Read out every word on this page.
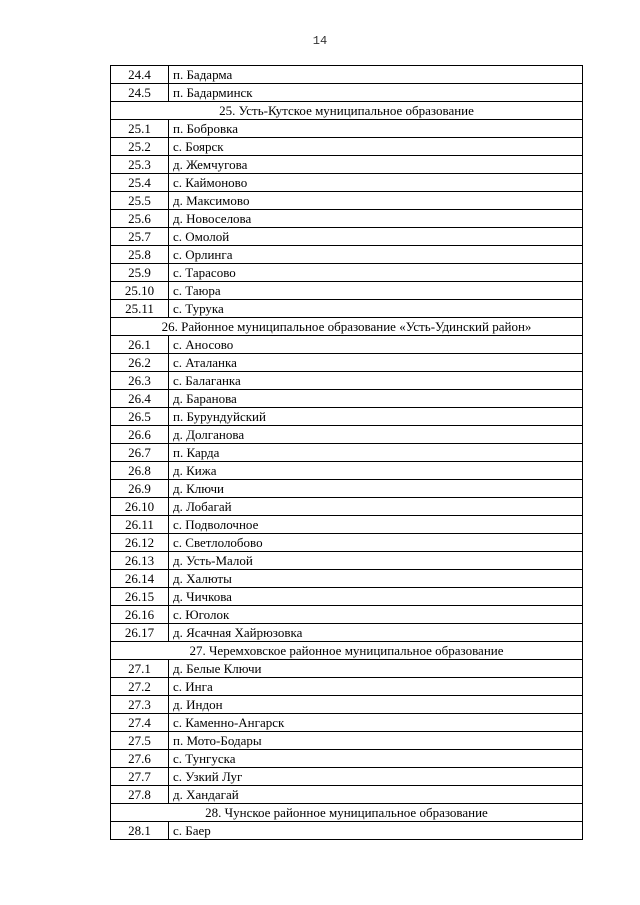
14
24.4	п. Бадарма
24.5	п. Бадарминск
25. Усть-Кутское муниципальное образование	
25.1	п. Бобровка
25.2	с. Боярск
25.3	д. Жемчугова
25.4	с. Каймоново
25.5	д. Максимово
25.6	д. Новоселова
25.7	с. Омолой
25.8	с. Орлинга
25.9	с. Тарасово
25.10	с. Таюра
25.11	с. Турука
26. Районное муниципальное образование «Усть-Удинский район»	
26.1	с. Аносово
26.2	с. Аталанка
26.3	с. Балаганка
26.4	д. Баранова
26.5	п. Бурундуйский
26.6	д. Долганова
26.7	п. Карда
26.8	д. Кижа
26.9	д. Ключи
26.10	д. Лобагай
26.11	с. Подволочное
26.12	с. Светлолобово
26.13	д. Усть-Малой
26.14	д. Халюты
26.15	д. Чичкова
26.16	с. Юголок
26.17	д. Ясачная Хайрюзовка
27. Черемховское районное муниципальное образование	
27.1	д. Белые Ключи
27.2	с. Инга
27.3	д. Индон
27.4	с. Каменно-Ангарск
27.5	п. Мото-Бодары
27.6	с. Тунгуска
27.7	с. Узкий Луг
27.8	д. Хандагай
28. Чунское районное муниципальное образование	
28.1	с. Баер
